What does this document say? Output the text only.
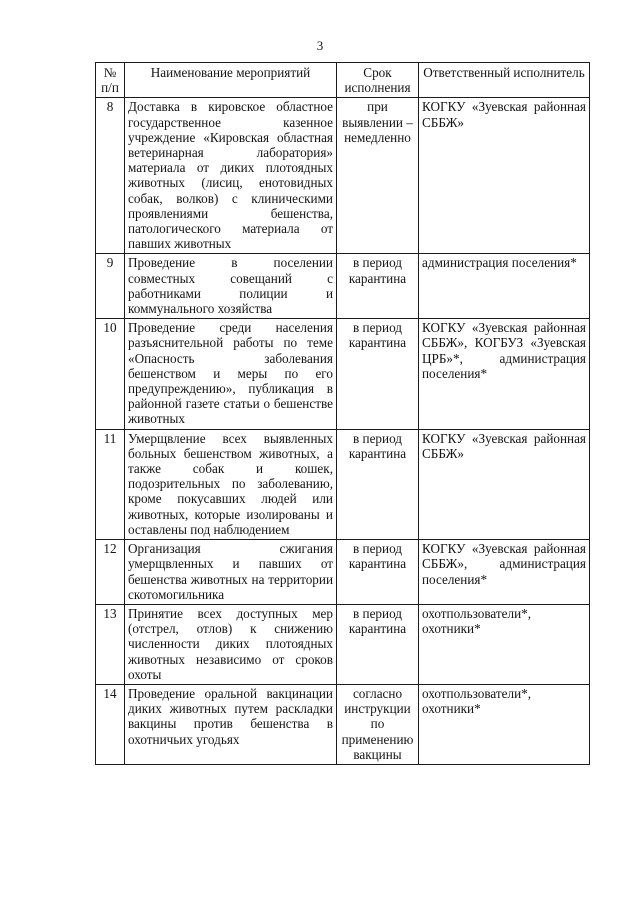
3
№ п/п	Наименование мероприятий	Срок исполнения	Ответственный исполнитель
8	Доставка в кировское областное государственное казенное учреждение «Кировская областная ветеринарная лаборатория» материала от диких плотоядных животных (лисиц, енотовидных собак, волков) с клиническими проявлениями бешенства, патологического материала от павших животных	при выявлении – немедленно	КОГКУ «Зуевская районная СББЖ»
9	Проведение в поселении совместных совещаний с работниками полиции и коммунального хозяйства	в период карантина	администрация поселения*
10	Проведение среди населения разъяснительной работы по теме «Опасность заболевания бешенством и меры по его предупреждению», публикация в районной газете статьи о бешенстве животных	в период карантина	КОГКУ «Зуевская районная СББЖ», КОГБУЗ «Зуевская ЦРБ»*, администрация поселения*
11	Умерщвление всех выявленных больных бешенством животных, а также собак и кошек, подозрительных по заболеванию, кроме покусавших людей или животных, которые изолированы и оставлены под наблюдением	в период карантина	КОГКУ «Зуевская районная СББЖ»
12	Организация сжигания умерщвленных и павших от бешенства животных на территории скотомогильника	в период карантина	КОГКУ «Зуевская районная СББЖ», администрация поселения*
13	Принятие всех доступных мер (отстрел, отлов) к снижению численности диких плотоядных животных независимо от сроков охоты	в период карантина	охотпользователи*, охотники*
14	Проведение оральной вакцинации диких животных путем раскладки вакцины против бешенства в охотничьих угодьях	согласно инструкции по применению вакцины	охотпользователи*, охотники*
